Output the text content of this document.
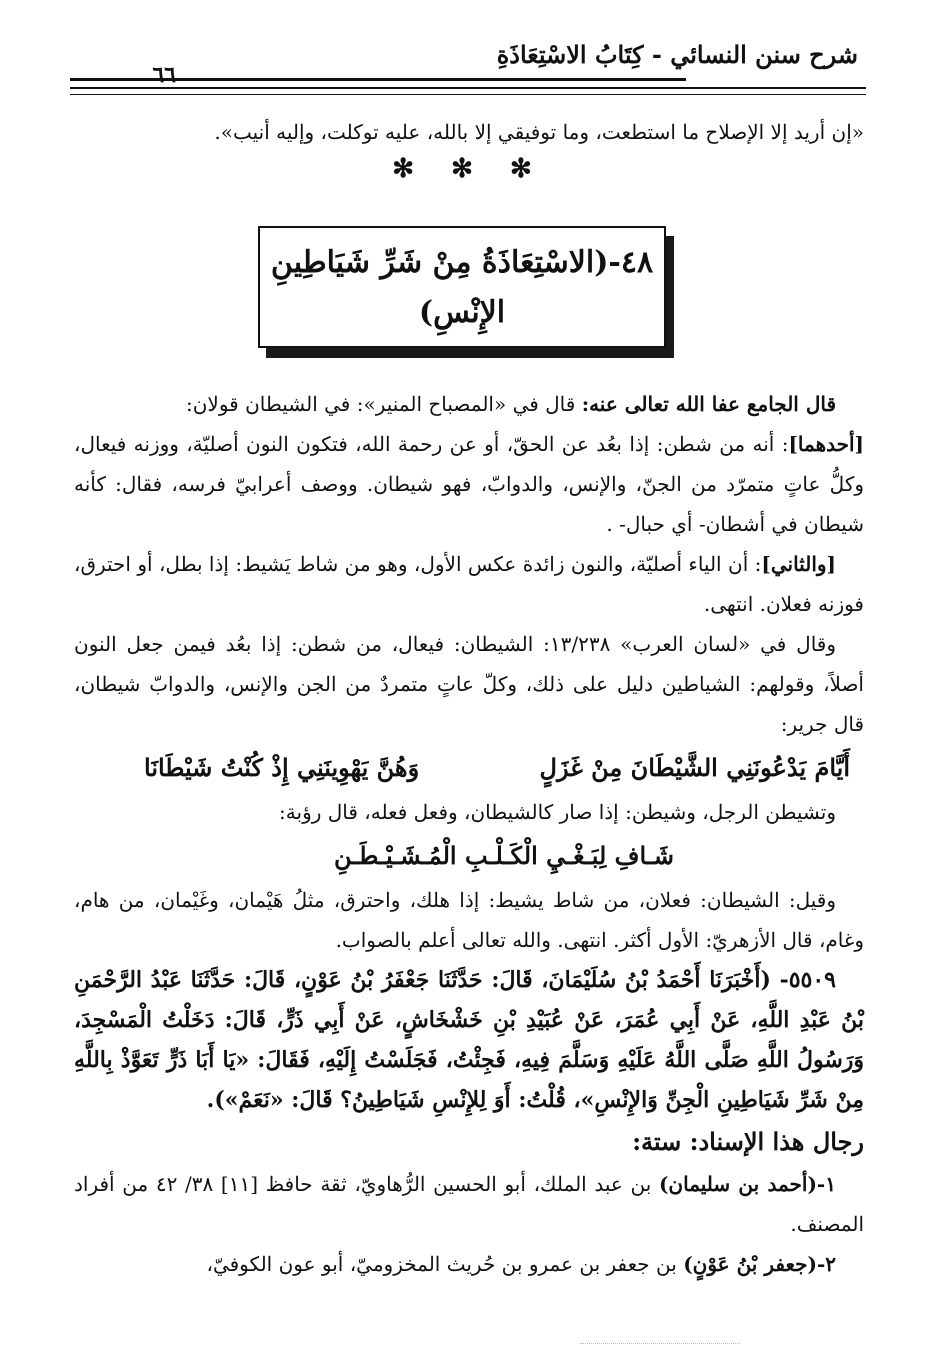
شرح سنن النسائي - كِتَابُ الاسْتِعَاذَةِ
٦٦

«إن أريد إلا الإصلاح ما استطعت، وما توفيقي إلا بالله، عليه توكلت، وإليه أنيب».

✻ ✻ ✻
٤٨-(الاسْتِعَاذَةُ مِنْ شَرِّ شَيَاطِينِ
الإِنْسِ)

قال الجامع عفا الله تعالى عنه: قال في «المصباح المنير»: في الشيطان قولان:

[أحدهما]: أنه من شطن: إذا بعُد عن الحقّ، أو عن رحمة الله، فتكون النون أصليّة، ووزنه فيعال، وكلُّ عاتٍ متمرّد من الجنّ، والإنس، والدوابّ، فهو شيطان. ووصف أعرابيّ فرسه، فقال: كأنه شيطان في أشطان- أي حبال- .

[والثاني]: أن الياء أصليّة، والنون زائدة عكس الأول، وهو من شاط يَشيط: إذا بطل، أو احترق، فوزنه فعلان. انتهى.

وقال في «لسان العرب» ١٣/٢٣٨: الشيطان: فيعال، من شطن: إذا بعُد فيمن جعل النون أصلاً، وقولهم: الشياطين دليل على ذلك، وكلّ عاتٍ متمردٌ من الجن والإنس، والدوابّ شيطان، قال جرير:

أَيَّامَ يَدْعُونَنِي الشَّيْطَانَ مِنْ غَزَلٍ
وَهُنَّ يَهْوِينَنِي إِذْ كُنْتُ شَيْطَانَا

وتشيطن الرجل، وشيطن: إذا صار كالشيطان، وفعل فعله، قال رؤبة:

شَـافِ لِبَـغْـيِ الْكَـلْـبِ الْمُـشَـيْـطَـنِ

وقيل: الشيطان: فعلان، من شاط يشيط: إذا هلك، واحترق، مثلُ هَيْمان، وغَيْمان، من هام، وغام، قال الأزهريّ: الأول أكثر. انتهى. والله تعالى أعلم بالصواب.

٥٥٠٩- (أَخْبَرَنَا أَحْمَدُ بْنُ سُلَيْمَانَ، قَالَ: حَدَّثَنَا جَعْفَرُ بْنُ عَوْنٍ، قَالَ: حَدَّثَنَا عَبْدُ الرَّحْمَنِ بْنُ عَبْدِ اللَّهِ، عَنْ أَبِي عُمَرَ، عَنْ عُبَيْدِ بْنِ خَشْخَاشٍ، عَنْ أَبِي ذَرٍّ، قَالَ: دَخَلْتُ الْمَسْجِدَ، وَرَسُولُ اللَّهِ صَلَّى اللَّهُ عَلَيْهِ وَسَلَّمَ فِيهِ، فَجِئْتُ، فَجَلَسْتُ إِلَيْهِ، فَقَالَ: «يَا أَبَا ذَرٍّ تَعَوَّذْ بِاللَّهِ مِنْ شَرِّ شَيَاطِينِ الْجِنِّ وَالإِنْسِ»، قُلْتُ: أَوَ لِلإِنْسِ شَيَاطِينُ؟ قَالَ: «نَعَمْ»).

رجال هذا الإسناد: ستة:

١-(أحمد بن سليمان) بن عبد الملك، أبو الحسين الرُّهاويّ، ثقة حافظ [١١] ٣٨/ ٤٢ من أفراد المصنف.

٢-(جعفر بْنُ عَوْنٍ) بن جعفر بن عمرو بن حُريث المخزوميّ، أبو عون الكوفيّ،
